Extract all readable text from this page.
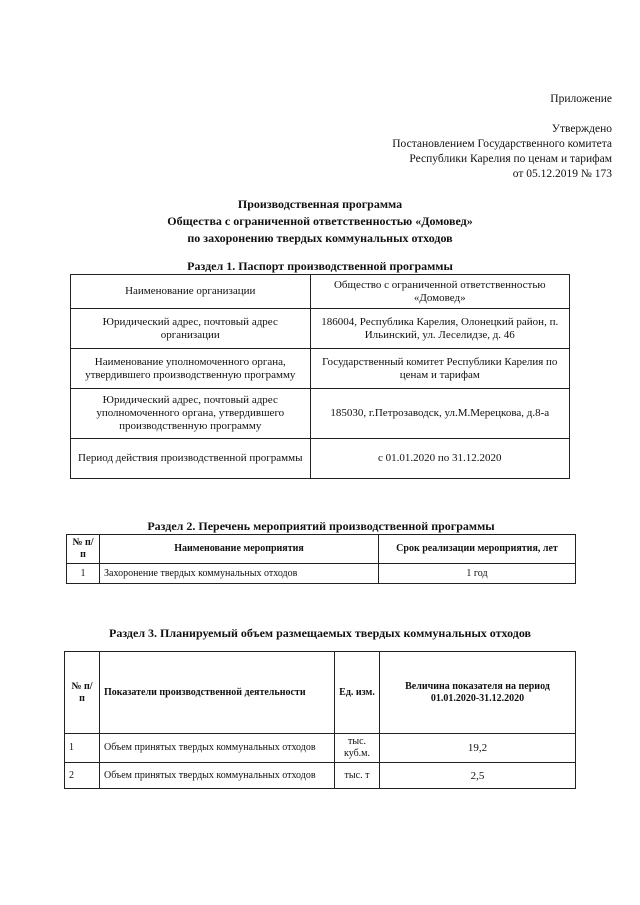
Приложение
Утверждено
Постановлением Государственного комитета
Республики Карелия по ценам и тарифам
от 05.12.2019 № 173
Производственная программа
Общества с ограниченной ответственностью «Домовед»
по захоронению твердых коммунальных отходов
Раздел 1. Паспорт производственной программы
Наименование организации	Общество с ограниченной ответственностью «Домовед»
Юридический адрес, почтовый адрес организации	186004, Республика Карелия, Олонецкий район, п. Ильинский, ул. Леселидзе, д. 46
Наименование уполномоченного органа, утвердившего производственную программу	Государственный комитет Республики Карелия по ценам и тарифам
Юридический адрес, почтовый адрес уполномоченного органа, утвердившего производственную программу	185030, г.Петрозаводск, ул.М.Мерецкова, д.8-а
Период действия производственной программы	с 01.01.2020 по 31.12.2020
Раздел 2. Перечень мероприятий производственной программы
№ п/п	Наименование мероприятия	Срок реализации мероприятия, лет
1	Захоронение твердых коммунальных отходов	1 год
Раздел 3. Планируемый объем размещаемых твердых коммунальных отходов
№ п/п	Показатели производственной деятельности	Ед. изм.	Величина показателя на период 01.01.2020-31.12.2020
1	Объем принятых твердых коммунальных отходов	тыс. куб.м.	19,2
2	Объем принятых твердых коммунальных отходов	тыс. т	2,5
